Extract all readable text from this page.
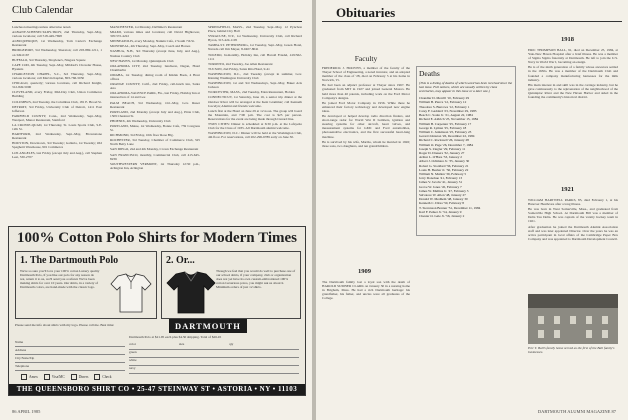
Club Calendar

Luncheon meetings unless otherwise noted.

ALBANY-SCHENECTADY-TROY, 2nd Thursday, Sept.-May, various locations; call 518-449-7698

ALBUQUERQUE, 1st Wednesday, Tom Carter's Exchange Restaurant

BRIDGEPORT, 3rd Wednesday, Sheraton; call 203-869-1211, 1 on 349-0167

BUFFALO, 3rd Thursday, Shaylene's, Niagara Square

CAPE COD, 4th Tuesday, Sept.-May, Mildred's Chowder House, Hyannis

CHARLESTON CHAPEL, S.C., 3rd Thursday, Sept.-May, various locations; call Marvin Kaplan, 803-766-5050

CHICAGO, quarterly; various locations, call Richard Knight, 312-849-5000

CLEVELAND, every Friday, Mid-Day Club, Union Commerce Building

COLUMBUS, 2nd Tuesday, the Columbus Club, 181 E. Broad St.

DETROIT, 3rd Friday, University Club of Detroit, 1411 East Jefferson

FAIRFIELD COUNTY, Conn., 2nd Wednesday, Sept.-May, Westport, Manor Restaurant, Stamford

LA CROSSE-QUAD, 1st Thursday, St. Louis Sports Club, S.E. 12th St.

HARTFORD, 2nd Wednesday, Sept.-May, Brownstone Restaurant

HOUSTON, Downtown, 3rd Tuesday; Galleria, 1st Tuesday; Old Spaghetti Warehouse, 901 Commerce

LOS ANGELES, last Friday (except July and Aug.), call Stephen Leet, 530-2707

MANCHESTER, 1st Monday, DeNimer's Restaurant

MIAMI, various times and locations; call David Hightower, 305/372-4222

MINNEAPOLIS, every Monday, Nankin Cafe, 2 South 7th St.

MONTREAL, 4th Thursday, Sept.-May, Coach and Horses

NASHUA, N.H., 3rd Thursday (except June, July, and Aug.), Nashua Country Club

NEW HAVEN, 1st Monday, Quinnipiack Club

OKLAHOMA CITY, 2nd Tuesday, luncheon, Degan, Hotel Chamberlin

OMAHA, 1st Tuesday, dining room of Kiklsk Book, 4 Hour offices

ORANGE COUNTY, Calif., 2nd Friday, call-lunch inn, Santa Ana

OKLAHOMA-VALENCE PARK, Fla., last Friday, Holiday Inn at intersection of 14 and Lee

PALM BEACH, 3rd Wednesday, Oct.-May, Gov. Ruser Restaurant

PORTLAND, 2nd Monday (except July and Aug.), Pixie Club, 1509 Chestnut St.

PHOENIX, 4th Wednesday, University Club

PORTLAND, Maine, 1st Wednesday, Bonne Cafe, 759 Congress St.

RICHMOND, 3rd Friday, 10th floor Rose Blg.

ROCHESTER, 3rd Tuesday, Chamber of Commerce Club, 325 North Betty Lane

SAN DIEGO, 2nd and 4th Monday, Crown Exchange Restaurant

SAN FRANCISCO, monthly, Commercial Club, call 415-645-8236

SOUTHWESTERN VERMONT, 1st Thursday 12:30 p.m., Arlington Inn, Arlington

SPRINGFIELD, MASS., 2nd Tuesday, Sept.-May, 12 Pynchon Place, behind City Hall

SYRACUSE, N.Y., 1st Wednesday, University Club, call Richard Byron, 315-424-1105

TAMPA-ST. PETERSBURG, 1st Tuesday, Sept.-May, Green Hotel, Naveda call Jim Meyer, 8-0407-8041

TOLEDO, bi-monthly, Holiday Inn, call Harold Friedel, 419/362-1111

TORONTO, 2nd Tuesday, Joe Allen Restaurant

TUCSON, 2nd Friday, Santa Rita Hotel, 9-41

WASHINGTON, D.C., 2nd Tuesday (except in summer, Gov. Kinning Washington University Club

WASHINGTON, 1st and 3rd Wednesdays, Sept.-May, Baker Arts Jackson

WORCESTER, MASS., 2nd Tuesday, Eden Restaurant, Holden

CONNECTICUT, 1st Saturday, June 16, a senior trip dinner at the Outdoor River will be arranged at the Kent Grammar; call Kenneth Joscelyn; Alumni and friends welcome.

Lunch first at the Hotel on June 29 at 12 noon. The group will board the Mountain, and 7:00 p.m. The cost is $25 per person. Reservations for the event are being made through Cunard line.

TWIN CITIES: Dinner is scheduled at 6:30 p.m. at the Lafayette Club for the Class of 1935. All Dartmouth alumni welcome.

WASHINGTON, D.C.: Dinner will be held at the Washington Club, 4th floor. For reservations, call 202-296-6789 early on June 30.

100% Cotton Polo Shirts for Modern Times
1. The Dartmouth Polo
We're so sure you'll love your 100% cotton Luxury quality Dartmouth Polo, if you like our polo for any reason do not, return it to us, we'll send you a refund. We've been making shirts for over 10 years. Our shirts, in a variety of Dartmouth colors, are hand-made with the classic logo.
2. Or...
Though we feel that you would do well to purchase one of our school shirts, if your company, club or organization does not yet have its own custom-embroidered 100% cotton Luxurious polos, you might ask us about it. Minimum orders of just 12 shirts.
DARTMOUTH
Please send me info about shirts with my logo. Please call me. Best time:
Name
Address
City/State/Zip
Telephone
Amex	Visa/MC	Diners	Check
Dartmouth Polo at $21.95 each plus $4.50 shipping. Total of $26.45
color	size	qty
green
white
navy
THE QUEENSBORO SHIRT CO • 25-47 STEINWAY ST • ASTORIA • NY • 11103
86 APRIL 1985
Obituaries
Faculty

FREDERICK J. HOOVEN, a member of the faculty of the Thayer School of Engineering, a noted inventor, and an adopted member of the class of '28, died on February 5 at his home in Norwich, Vt.

He had been an adjunct professor at Thayer since 1967. He graduated from MIT in 1927 and joined General Motors. He held more than 40 patents, including work on the Ford Motor Company's designs.

He joined Ford Motor Company in 1956. While there he enhanced their factory technology and developed new engine ideas.

He developed or helped develop radio direction finders, and short-range radar for World War II bombers, ignition and steering systems for other aircraft, heart valves, and measurement systems for GMC and Ford automobiles, photosensitive electronics, and the first successful heart-lung machine.

He is survived by his wife, Martha, whom he married in 1926; three sons, two daughters, and ten grandchildren.

1909
The Dartmouth family lost a loyal son with the death of HAROLD SUMNER CLARK on January 30 in a nursing home in Brigham, Mass. He had a rich Dartmouth heritage: his grandfather, his father, and uncles were all graduates of the College.
Deaths
(This is a listing of deaths of which word has been received since the last issue. Full notices, which are usually written by class secretaries, may appear in this issue or a later one.)
Chandler D. Merrill '10, February 29
William B. Pierce '12, February 12
Theodore S. Burrows '12, February 1
Carey F. Gaddard '23, November 29, 1983
Beach C. Soule Jr. '21, August 22, 1984
Richard E. Aldrich '25, November 15, 1984
William B. Carpenter '25, February 17
George R. Lyman '25, February 18
William C. Jenkinson '25, February 23
Gerard Johnston '26, December 22, 1984
Richard C. Rockwell '26, January 28
William O. Page '26, December 7, 1984
Joseph S. Ziegler '29, February 11
Roger D. Dreuers '32, January 27
Arthur L. O'Hare '33, January 2
Albert J. Ochmare Jr. '35, January 30
Robert G. Stoddard '36, February 21
Louis H. Beaber Jr. '36, February 22
William N. Mullen '39, February 5
Jerry Donohue '41, February 13
James V. Jacobs '41, January 31
Grove W. Jones '45, February 7
James W. Mullins Jr. '47, February 3
Salvatore W. Allen '48, January 27
Donald W. Medhem '48, January 30
Kenneth C. Dirsa '50, February 8
T. Stevenson Bonner '51, December 11, 1984
Karl F. Petker Jr. '54, January 9
Chester O. Gale Jr. '56, January 2
1918

ERIC THOMPSON BALL, 91, died on December 25, 1984, at Yale-New Haven Hospital after a brief illness. He was a member of Sigma Sigma fraternity at Dartmouth. He left to join the U.S. Navy in World War I, becoming an ensign.

He is of the ninth generation of a family whose ancestors settled in the 1630s. He was a member of the Dartmouth Club and founded a company manufacturing harnesses for the milk industry.

His main interest in and skill was in the carriage industry, but he gave continuously to the rejuvenation of the neighborhood of the Quinnipiac River and the New Haven Harbor and aided in the founding the community's historical district.

1921

WILLIAM HARTWELL PARKS, 85, died February 1, at his Hanover Heathcare after a long illness.

He was born in West Somerville, Mass., and graduated from Somerville High School. At Dartmouth Bill was a member of Delta Tau Delta. He was captain of the varsity hockey team in 1921.

After graduation he joined the Dartmouth Alumni Association staff and was later appointed Director. Over the years he was an active participant in local affairs of the Cambridge Paper Box Company and was appointed to Dartmouth Development Council.

Eric T. Ball's family home served as the first of the Ball family's businesses.
DARTMOUTH ALUMNI MAGAZINE 87
